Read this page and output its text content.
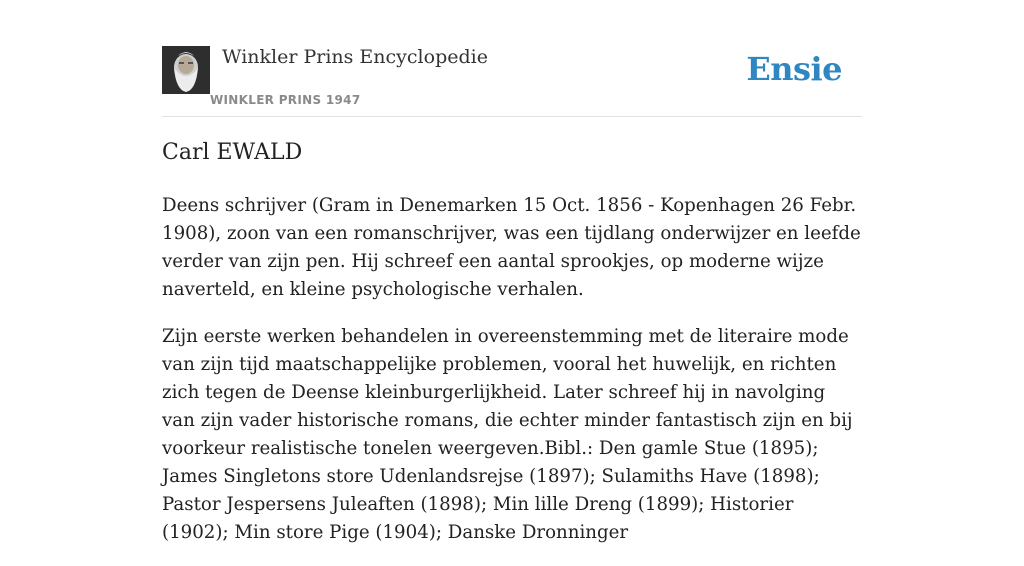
Winkler Prins Encyclopedie
WINKLER PRINS 1947
Ensie
Carl EWALD

Deens schrijver (Gram in Denemarken 15 Oct. 1856 - Kopenhagen 26 Febr. 1908), zoon van een romanschrijver, was een tijdlang onderwijzer en leefde verder van zijn pen. Hij schreef een aantal sprookjes, op moderne wijze naverteld, en kleine psychologische verhalen.

Zijn eerste werken behandelen in overeenstemming met de literaire mode van zijn tijd maatschappelijke problemen, vooral het huwelijk, en richten zich tegen de Deense kleinburgerlijkheid. Later schreef hij in navolging van zijn vader historische romans, die echter minder fantastisch zijn en bij voorkeur realistische tonelen weergeven.Bibl.: Den gamle Stue (1895); James Singletons store Udenlandsrejse (1897); Sulamiths Have (1898); Pastor Jespersens Juleaften (1898); Min lille Dreng (1899); Historier (1902); Min store Pige (1904); Danske Dronninger
